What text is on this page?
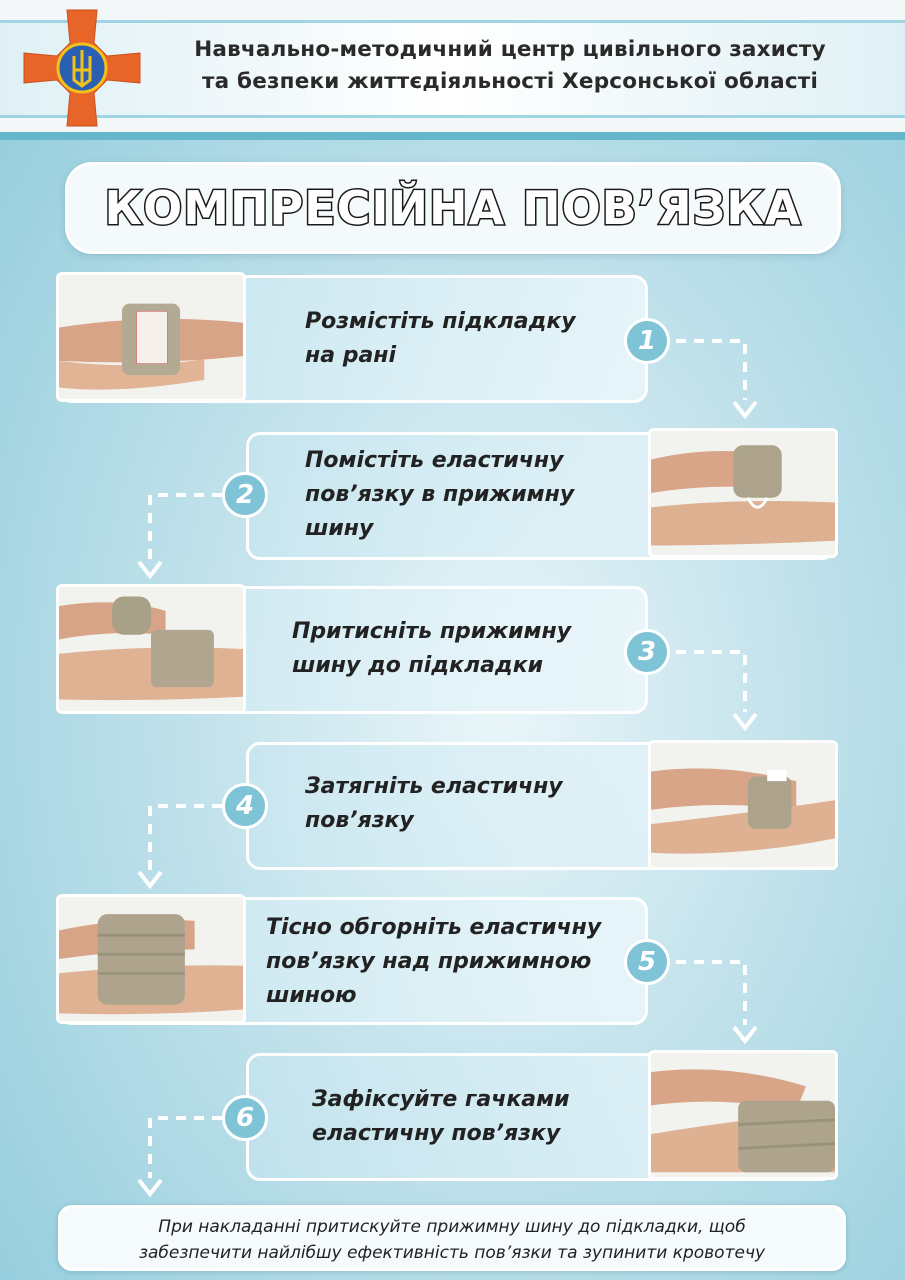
Навчально-методичний центр цивільного захисту
та безпеки життєдіяльності Херсонської області
КОМПРЕСІЙНА ПОВ’ЯЗКА
Розмістіть підкладку
на рані	1
Помістіть еластичну
пов’язку в прижимну
шину
2
Притисніть прижимну
шину до підкладки	3
Затягніть еластичну
пов’язку
4
Тісно обгорніть еластичну
пов’язку над прижимною
шиною
5
Зафіксуйте гачками
еластичну пов’язку
6
При накладанні притискуйте прижимну шину до підкладки, щоб
забезпечити найлібшу ефективність пов’язки та зупинити кровотечу
